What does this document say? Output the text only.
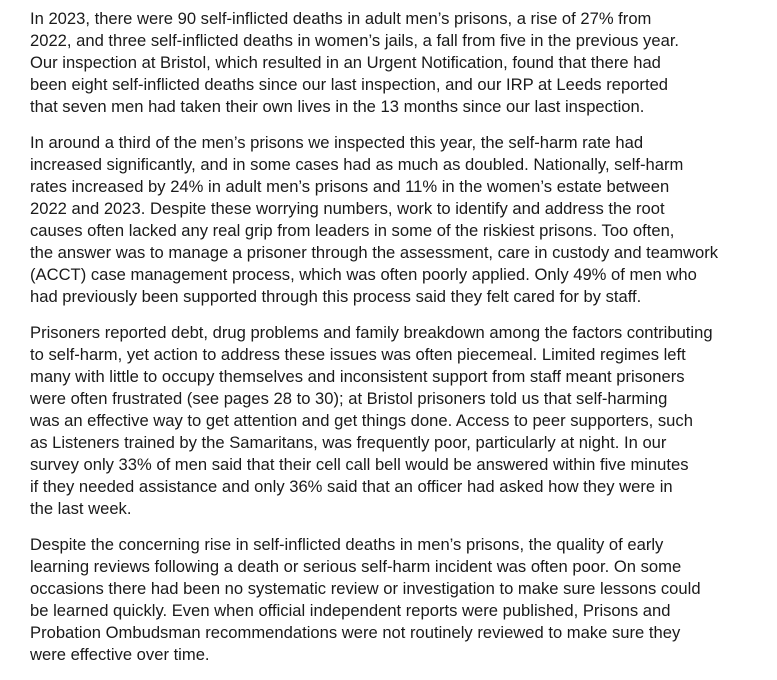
In 2023, there were 90 self-inflicted deaths in adult men’s prisons, a rise of 27% from
2022, and three self-inflicted deaths in women’s jails, a fall from five in the previous year.
Our inspection at Bristol, which resulted in an Urgent Notification, found that there had
been eight self-inflicted deaths since our last inspection, and our IRP at Leeds reported
that seven men had taken their own lives in the 13 months since our last inspection.
In around a third of the men’s prisons we inspected this year, the self-harm rate had
increased significantly, and in some cases had as much as doubled. Nationally, self-harm
rates increased by 24% in adult men’s prisons and 11% in the women’s estate between
2022 and 2023. Despite these worrying numbers, work to identify and address the root
causes often lacked any real grip from leaders in some of the riskiest prisons. Too often,
the answer was to manage a prisoner through the assessment, care in custody and teamwork
(ACCT) case management process, which was often poorly applied. Only 49% of men who
had previously been supported through this process said they felt cared for by staff.
Prisoners reported debt, drug problems and family breakdown among the factors contributing
to self-harm, yet action to address these issues was often piecemeal. Limited regimes left
many with little to occupy themselves and inconsistent support from staff meant prisoners
were often frustrated (see pages 28 to 30); at Bristol prisoners told us that self-harming
was an effective way to get attention and get things done. Access to peer supporters, such
as Listeners trained by the Samaritans, was frequently poor, particularly at night. In our
survey only 33% of men said that their cell call bell would be answered within five minutes
if they needed assistance and only 36% said that an officer had asked how they were in
the last week.
Despite the concerning rise in self-inflicted deaths in men’s prisons, the quality of early
learning reviews following a death or serious self-harm incident was often poor. On some
occasions there had been no systematic review or investigation to make sure lessons could
be learned quickly. Even when official independent reports were published, Prisons and
Probation Ombudsman recommendations were not routinely reviewed to make sure they
were effective over time.
